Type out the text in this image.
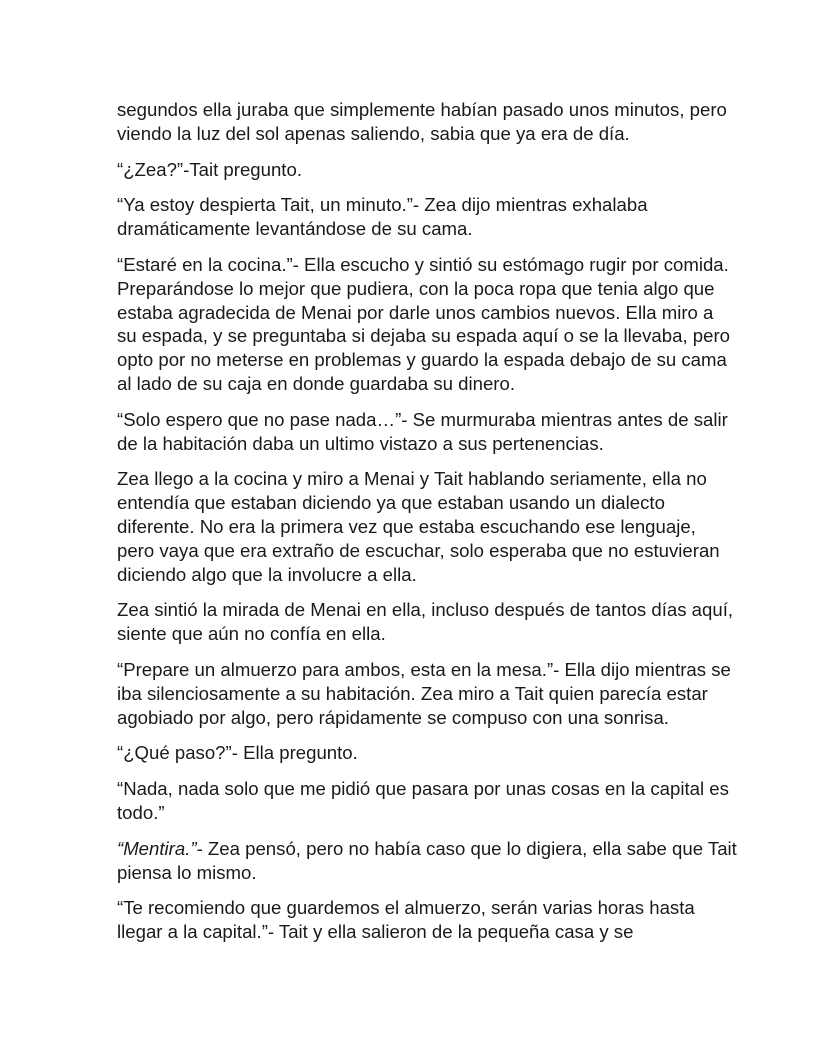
segundos ella juraba que simplemente habían pasado unos minutos, pero viendo la luz del sol apenas saliendo, sabia que ya era de día.

“¿Zea?”-Tait pregunto.

“Ya estoy despierta Tait, un minuto.”- Zea dijo mientras exhalaba dramáticamente levantándose de su cama.

“Estaré en la cocina.”- Ella escucho y sintió su estómago rugir por comida. Preparándose lo mejor que pudiera, con la poca ropa que tenia algo que estaba agradecida de Menai por darle unos cambios nuevos. Ella miro a su espada, y se preguntaba si dejaba su espada aquí o se la llevaba, pero opto por no meterse en problemas y guardo la espada debajo de su cama al lado de su caja en donde guardaba su dinero.

“Solo espero que no pase nada…”- Se murmuraba mientras antes de salir de la habitación daba un ultimo vistazo a sus pertenencias.

Zea llego a la cocina y miro a Menai y Tait hablando seriamente, ella no entendía que estaban diciendo ya que estaban usando un dialecto diferente. No era la primera vez que estaba escuchando ese lenguaje, pero vaya que era extraño de escuchar, solo esperaba que no estuvieran diciendo algo que la involucre a ella.

Zea sintió la mirada de Menai en ella, incluso después de tantos días aquí, siente que aún no confía en ella.

“Prepare un almuerzo para ambos, esta en la mesa.”- Ella dijo mientras se iba silenciosamente a su habitación. Zea miro a Tait quien parecía estar agobiado por algo, pero rápidamente se compuso con una sonrisa.

“¿Qué paso?”- Ella pregunto.

“Nada, nada solo que me pidió que pasara por unas cosas en la capital es todo.”

“Mentira.”- Zea pensó, pero no había caso que lo digiera, ella sabe que Tait piensa lo mismo.

“Te recomiendo que guardemos el almuerzo, serán varias horas hasta llegar a la capital.”- Tait y ella salieron de la pequeña casa y se
